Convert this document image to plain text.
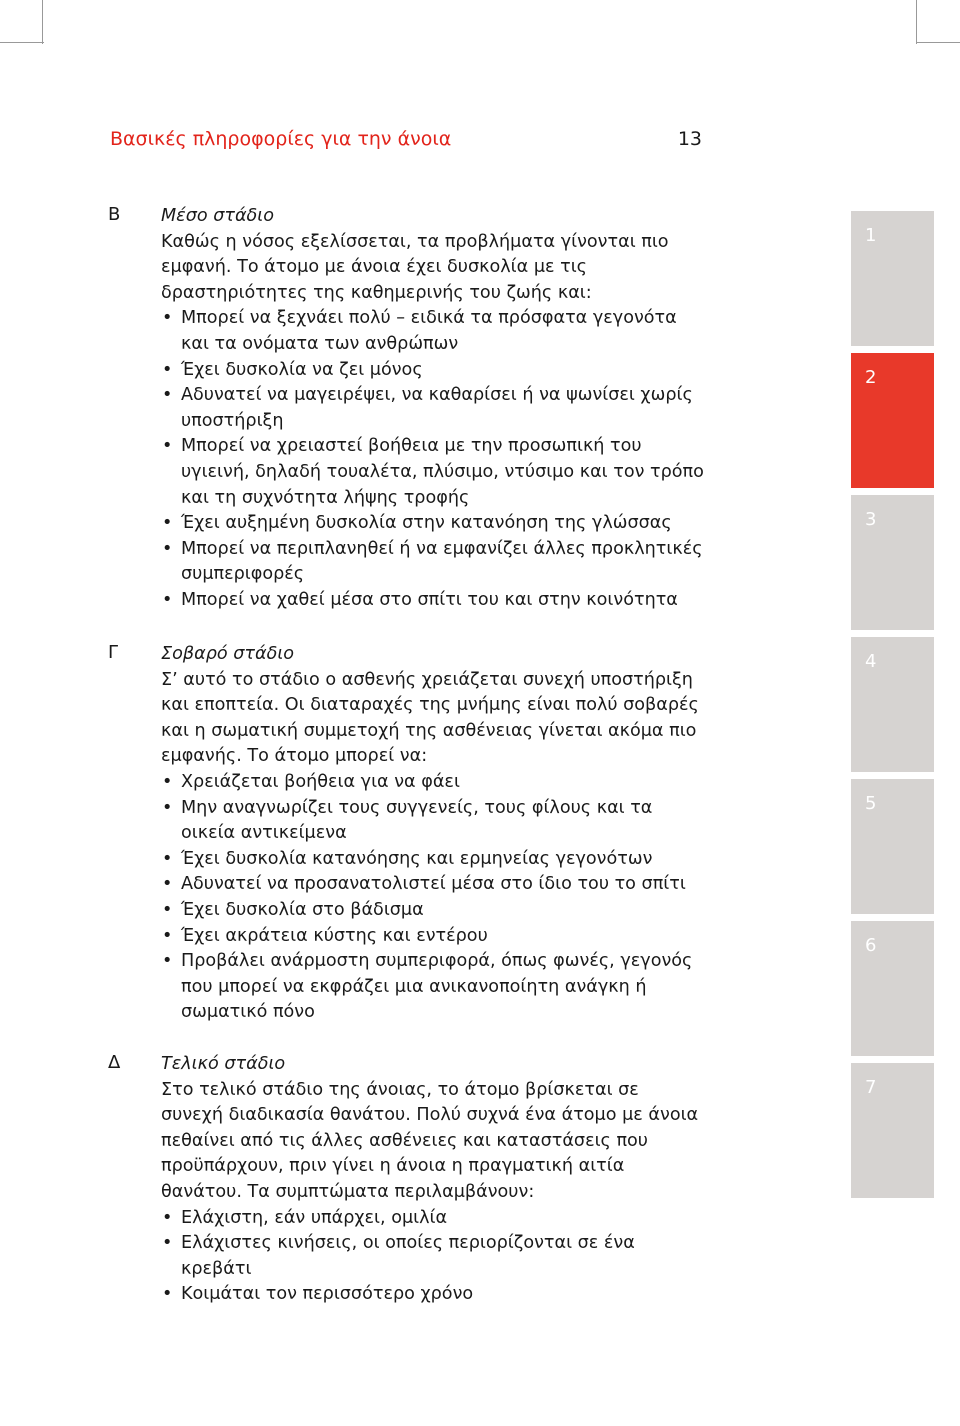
Βασικές πληροφορίες για την άνοια	13
Β Μέσο στάδιο

Καθώς η νόσος εξελίσσεται, τα προβλήματα γίνονται πιο εμφανή. Το άτομο με άνοια έχει δυσκολία με τις δραστηριότητες της καθημερινής του ζωής και:

• Μπορεί να ξεχνάει πολύ – ειδικά τα πρόσφατα γεγονότα και τα ονόματα των ανθρώπων
• Έχει δυσκολία να ζει μόνος
• Αδυνατεί να μαγειρέψει, να καθαρίσει ή να ψωνίσει χωρίς υποστήριξη
• Μπορεί να χρειαστεί βοήθεια με την προσωπική του υγιεινή, δηλαδή τουαλέτα, πλύσιμο, ντύσιμο και τον τρόπο και τη συχνότητα λήψης τροφής
• Έχει αυξημένη δυσκολία στην κατανόηση της γλώσσας
• Μπορεί να περιπλανηθεί ή να εμφανίζει άλλες προκλητικές συμπεριφορές
• Μπορεί να χαθεί μέσα στο σπίτι του και στην κοινότητα
Γ Σοβαρό στάδιο

Σ’ αυτό το στάδιο ο ασθενής χρειάζεται συνεχή υποστήριξη και εποπτεία. Οι διαταραχές της μνήμης είναι πολύ σοβαρές και η σωματική συμμετοχή της ασθένειας γίνεται ακόμα πιο εμφανής. Το άτομο μπορεί να:

• Χρειάζεται βοήθεια για να φάει
• Μην αναγνωρίζει τους συγγενείς, τους φίλους και τα οικεία αντικείμενα
• Έχει δυσκολία κατανόησης και ερμηνείας γεγονότων
• Αδυνατεί να προσανατολιστεί μέσα στο ίδιο του το σπίτι
• Έχει δυσκολία στο βάδισμα
• Έχει ακράτεια κύστης και εντέρου
• Προβάλει ανάρμοστη συμπεριφορά, όπως φωνές, γεγονός που μπορεί να εκφράζει μια ανικανοποίητη ανάγκη ή σωματικό πόνο
Δ Τελικό στάδιο

Στο τελικό στάδιο της άνοιας, το άτομο βρίσκεται σε συνεχή διαδικασία θανάτου. Πολύ συχνά ένα άτομο με άνοια πεθαίνει από τις άλλες ασθένειες και καταστάσεις που προϋπάρχουν, πριν γίνει η άνοια η πραγματική αιτία θανάτου. Τα συμπτώματα περιλαμβάνουν:

• Ελάχιστη, εάν υπάρχει, ομιλία
• Ελάχιστες κινήσεις, οι οποίες περιορίζονται σε ένα κρεβάτι
• Κοιμάται τον περισσότερο χρόνο
1
2
3
4
5
6
7
